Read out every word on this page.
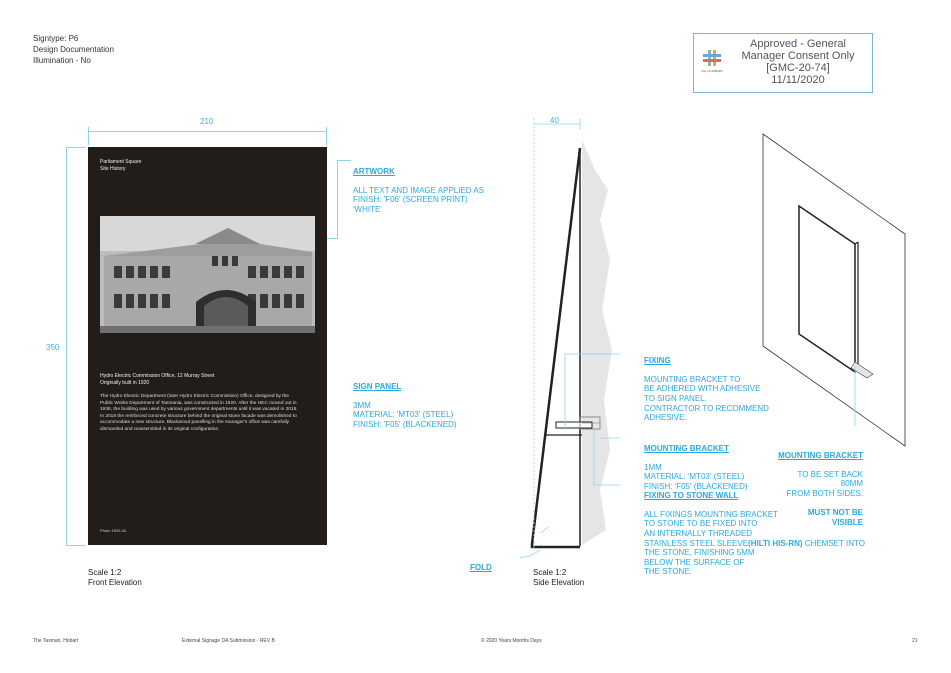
Signtype: P6
Design Documentation
Illumination - No
City of HOBART
Approved - General
Manager Consent Only
[GMC-20-74]
11/11/2020
210
350
Parliament Square
Site History
Hydro Electric Commission Office, 12 Murray Street
Originally built in 1920
The Hydro Electric Department (later Hydro Electric Commission) Office, designed by the Public Works Department of Tasmania, was constructed in 1920. After the HEC moved out in 1938, the building was used by various government departments until it was vacated in 2016. In 2018 the reinforced concrete structure behind the original stone facade was demolished to accommodate a new structure. Blackwood panelling in the manager's office was carefully dismantled and reassembled in its original configuration.
Photo 1925-30

ARTWORK

ALL TEXT AND IMAGE APPLIED AS
FINISH: 'F06' (SCREEN PRINT)
'WHITE'

SIGN PANEL

3MM
MATERIAL: 'MT03' (STEEL)
FINISH: 'F05' (BLACKENED)

Scale 1:2
Front Elevation
40

FOLD

FIXING

MOUNTING BRACKET TO
BE ADHERED WITH ADHESIVE
TO SIGN PANEL.
CONTRACTOR TO RECOMMEND
ADHESIVE.

MOUNTING BRACKET

1MM
MATERIAL: 'MT03' (STEEL)
FINISH: 'F05' (BLACKENED)

FIXING TO STONE WALL

ALL FIXINGS MOUNTING BRACKET
TO STONE TO BE FIXED INTO
AN INTERNALLY THREADED
STAINLESS STEEL SLEEVE(HILTI HIS-RN) CHEMSET INTO
THE STONE, FINISHING 5MM
BELOW THE SURFACE OF
THE STONE.

Scale 1:2
Side Elevation

MOUNTING BRACKET

TO BE SET BACK 80MM
FROM BOTH SIDES.

MUST NOT BE VISIBLE

The Tasman, Hobart	External Signage DA Submission - REV B	© 2020 Years Months Days	21
